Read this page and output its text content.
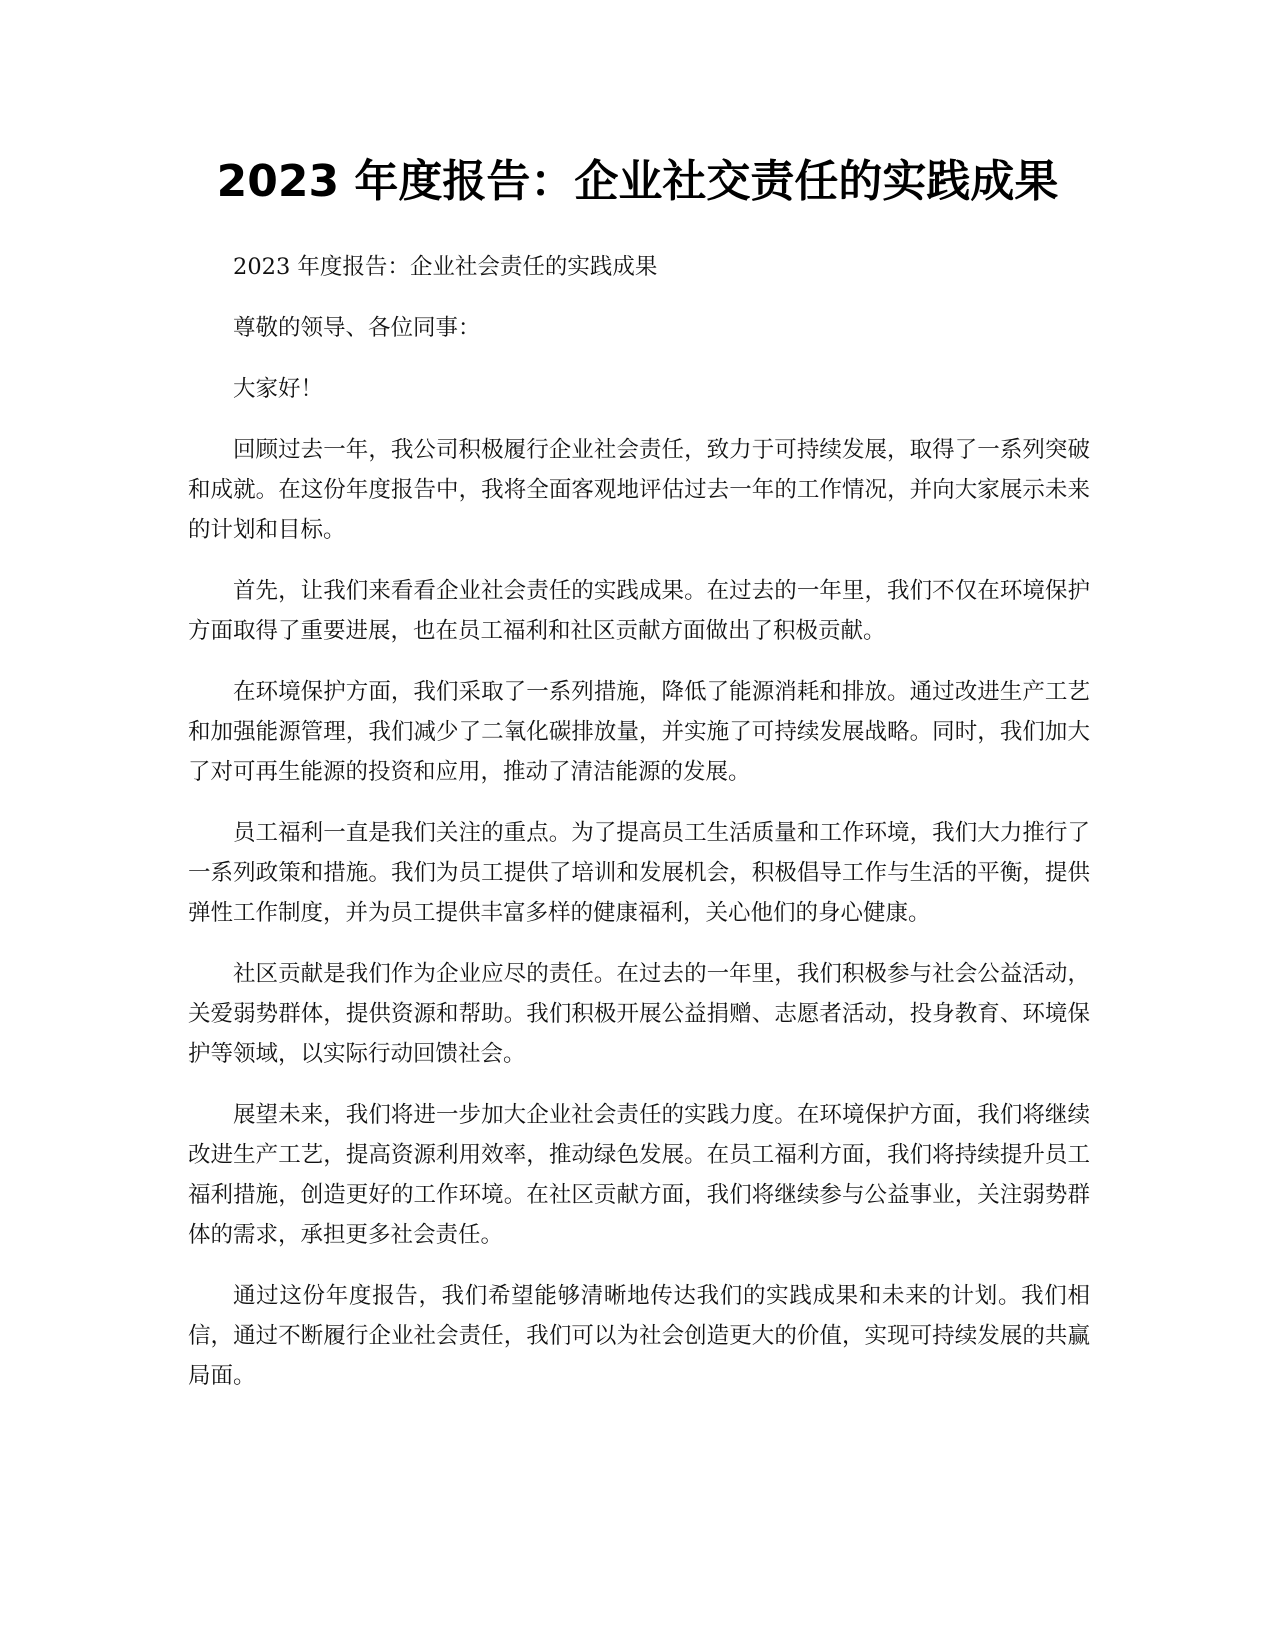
2023 年度报告：企业社交责任的实践成果

2023 年度报告：企业社会责任的实践成果

尊敬的领导、各位同事：

大家好！

回顾过去一年，我公司积极履行企业社会责任，致力于可持续发展，取得了一系列突破和成就。在这份年度报告中，我将全面客观地评估过去一年的工作情况，并向大家展示未来的计划和目标。

首先，让我们来看看企业社会责任的实践成果。在过去的一年里，我们不仅在环境保护方面取得了重要进展，也在员工福利和社区贡献方面做出了积极贡献。

在环境保护方面，我们采取了一系列措施，降低了能源消耗和排放。通过改进生产工艺和加强能源管理，我们减少了二氧化碳排放量，并实施了可持续发展战略。同时，我们加大了对可再生能源的投资和应用，推动了清洁能源的发展。

员工福利一直是我们关注的重点。为了提高员工生活质量和工作环境，我们大力推行了一系列政策和措施。我们为员工提供了培训和发展机会，积极倡导工作与生活的平衡，提供弹性工作制度，并为员工提供丰富多样的健康福利，关心他们的身心健康。

社区贡献是我们作为企业应尽的责任。在过去的一年里，我们积极参与社会公益活动，关爱弱势群体，提供资源和帮助。我们积极开展公益捐赠、志愿者活动，投身教育、环境保护等领域，以实际行动回馈社会。

展望未来，我们将进一步加大企业社会责任的实践力度。在环境保护方面，我们将继续改进生产工艺，提高资源利用效率，推动绿色发展。在员工福利方面，我们将持续提升员工福利措施，创造更好的工作环境。在社区贡献方面，我们将继续参与公益事业，关注弱势群体的需求，承担更多社会责任。

通过这份年度报告，我们希望能够清晰地传达我们的实践成果和未来的计划。我们相信，通过不断履行企业社会责任，我们可以为社会创造更大的价值，实现可持续发展的共赢局面。
